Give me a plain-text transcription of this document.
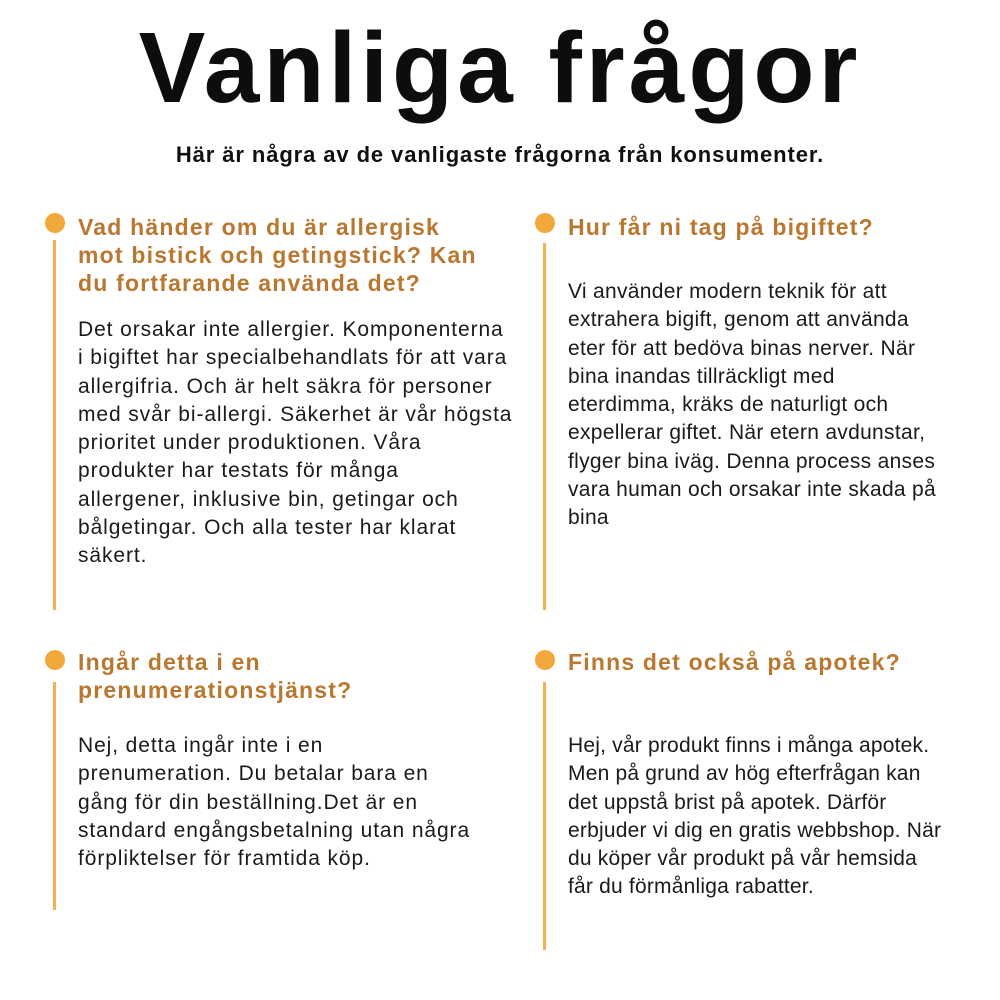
Vanliga frågor
Här är några av de vanligaste frågorna från konsumenter.
Vad händer om du är allergisk
mot bistick och getingstick? Kan
du fortfarande använda det?
Det orsakar inte allergier. Komponenterna
i bigiftet har specialbehandlats för att vara
allergifria. Och är helt säkra för personer
med svår bi-allergi. Säkerhet är vår högsta
prioritet under produktionen. Våra
produkter har testats för många
allergener, inklusive bin, getingar och
bålgetingar. Och alla tester har klarat
säkert.
Hur får ni tag på bigiftet?
Vi använder modern teknik för att
extrahera bigift, genom att använda
eter för att bedöva binas nerver. När
bina inandas tillräckligt med
eterdimma, kräks de naturligt och
expellerar giftet. När etern avdunstar,
flyger bina iväg. Denna process anses
vara human och orsakar inte skada på
bina
Ingår detta i en
prenumerationstjänst?
Nej, detta ingår inte i en
prenumeration. Du betalar bara en
gång för din beställning.Det är en
standard engångsbetalning utan några
förpliktelser för framtida köp.
Finns det också på apotek?
Hej, vår produkt finns i många apotek.
Men på grund av hög efterfrågan kan
det uppstå brist på apotek. Därför
erbjuder vi dig en gratis webbshop. När
du köper vår produkt på vår hemsida
får du förmånliga rabatter.
